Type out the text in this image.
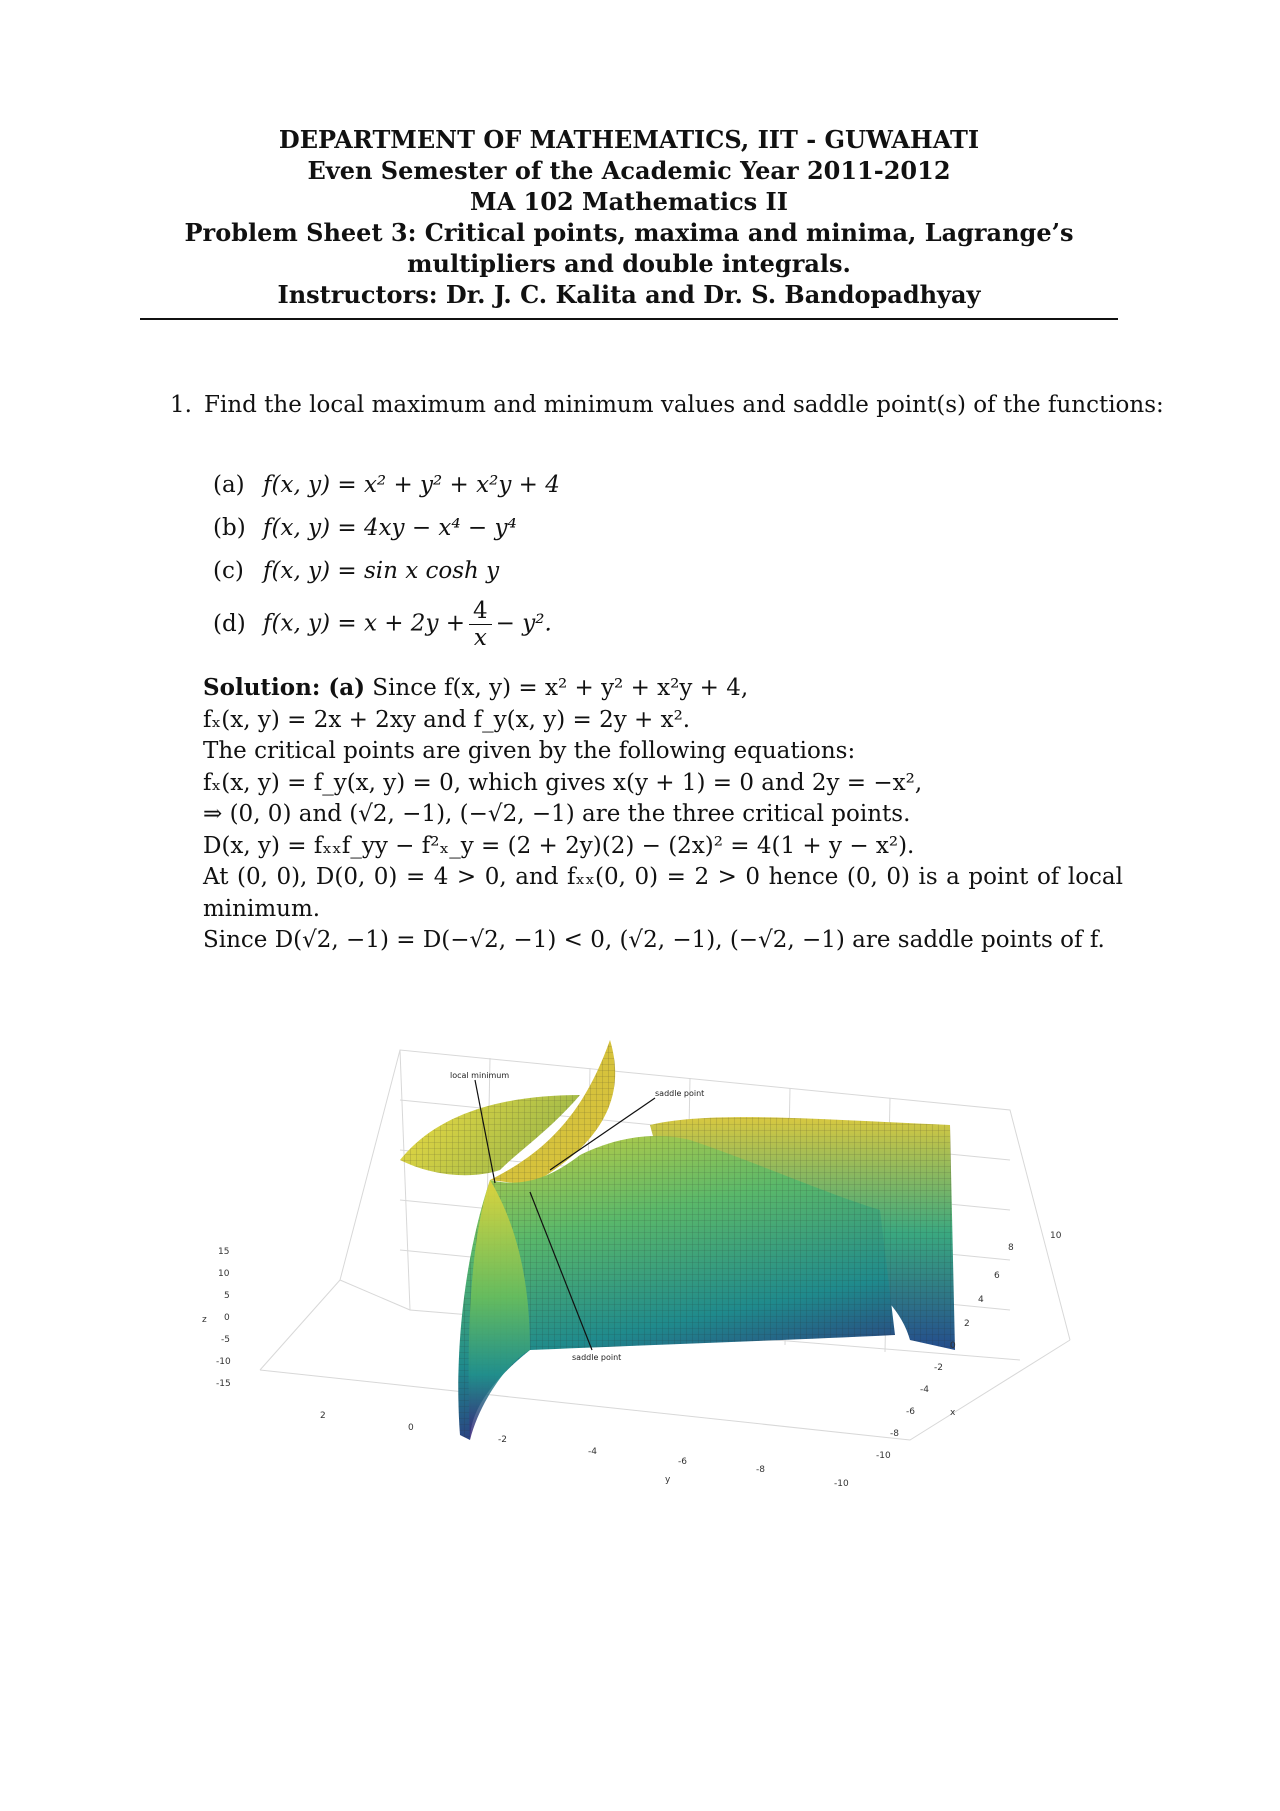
DEPARTMENT OF MATHEMATICS, IIT - GUWAHATI
Even Semester of the Academic Year 2011-2012
MA 102 Mathematics II
Problem Sheet 3: Critical points, maxima and minima, Lagrange’s
multipliers and double integrals.
Instructors: Dr. J. C. Kalita and Dr. S. Bandopadhyay
1. Find the local maximum and minimum values and saddle point(s) of the functions:
(a) f(x, y) = x² + y² + x²y + 4
(b) f(x, y) = 4xy − x⁴ − y⁴
(c) f(x, y) = sin x cosh y
(d) f(x, $y) = x + 2y + \frac{4}{x} - y^2$.
Solution: (a) Since f(x, y) = x² + y² + x²y + 4,
fₓ(x, y) = 2x + 2xy and f_y(x, y) = 2y + x².
The critical points are given by the following equations:
fₓ(x, y) = f_y(x, y) = 0, which gives x(y + 1) = 0 and 2y = −x²,
⇒ (0, 0) and (√2, −1), (−√2, −1) are the three critical points.
D(x, y) = fₓₓf_yy − f²ₓ_y = (2 + 2y)(2) − (2x)² = 4(1 + y − x²).
At (0, 0), D(0, 0) = 4 > 0, and fₓₓ(0, 0) = 2 > 0 hence (0, 0) is a point of local
minimum.
Since D(√2, −1) = D(−√2, −1) < 0, (√2, −1), (−√2, −1) are saddle points of f.
local minimum
saddle point
saddle point
15
10
5
0
-5
-10
-15
z
2
0
-2
-4
-6
-8
-10
y
10
8
6
4
2
0
-2
-4
-6
-8
-10
x
